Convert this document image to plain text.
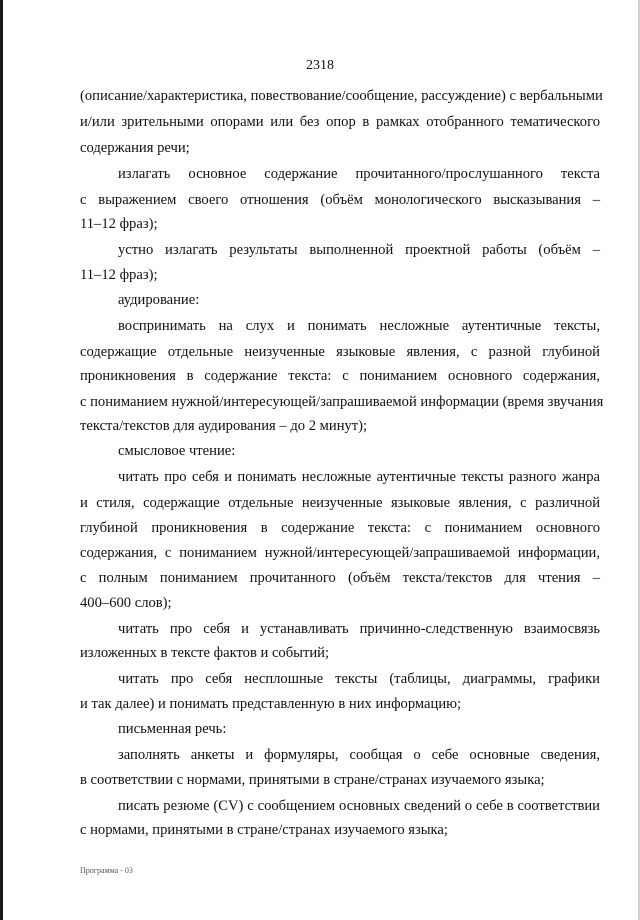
2318
(описание/характеристика, повествование/сообщение, рассуждение) с вербальными
и/или зрительными опорами или без опор в рамках отобранного тематического
содержания речи;
излагать основное содержание прочитанного/прослушанного текста
с выражением своего отношения (объём монологического высказывания –
11–12 фраз);
устно излагать результаты выполненной проектной работы (объём –
11–12 фраз);
аудирование:
воспринимать на слух и понимать несложные аутентичные тексты,
содержащие отдельные неизученные языковые явления, с разной глубиной
проникновения в содержание текста: с пониманием основного содержания,
с пониманием нужной/интересующей/запрашиваемой информации (время звучания
текста/текстов для аудирования – до 2 минут);
смысловое чтение:
читать про себя и понимать несложные аутентичные тексты разного жанра
и стиля, содержащие отдельные неизученные языковые явления, с различной
глубиной проникновения в содержание текста: с пониманием основного
содержания, с пониманием нужной/интересующей/запрашиваемой информации,
с полным пониманием прочитанного (объём текста/текстов для чтения –
400–600 слов);
читать про себя и устанавливать причинно-следственную взаимосвязь
изложенных в тексте фактов и событий;
читать про себя несплошные тексты (таблицы, диаграммы, графики
и так далее) и понимать представленную в них информацию;
письменная речь:
заполнять анкеты и формуляры, сообщая о себе основные сведения,
в соответствии с нормами, принятыми в стране/странах изучаемого языка;
писать резюме (CV) с сообщением основных сведений о себе в соответствии
с нормами, принятыми в стране/странах изучаемого языка;
Программа - 03
